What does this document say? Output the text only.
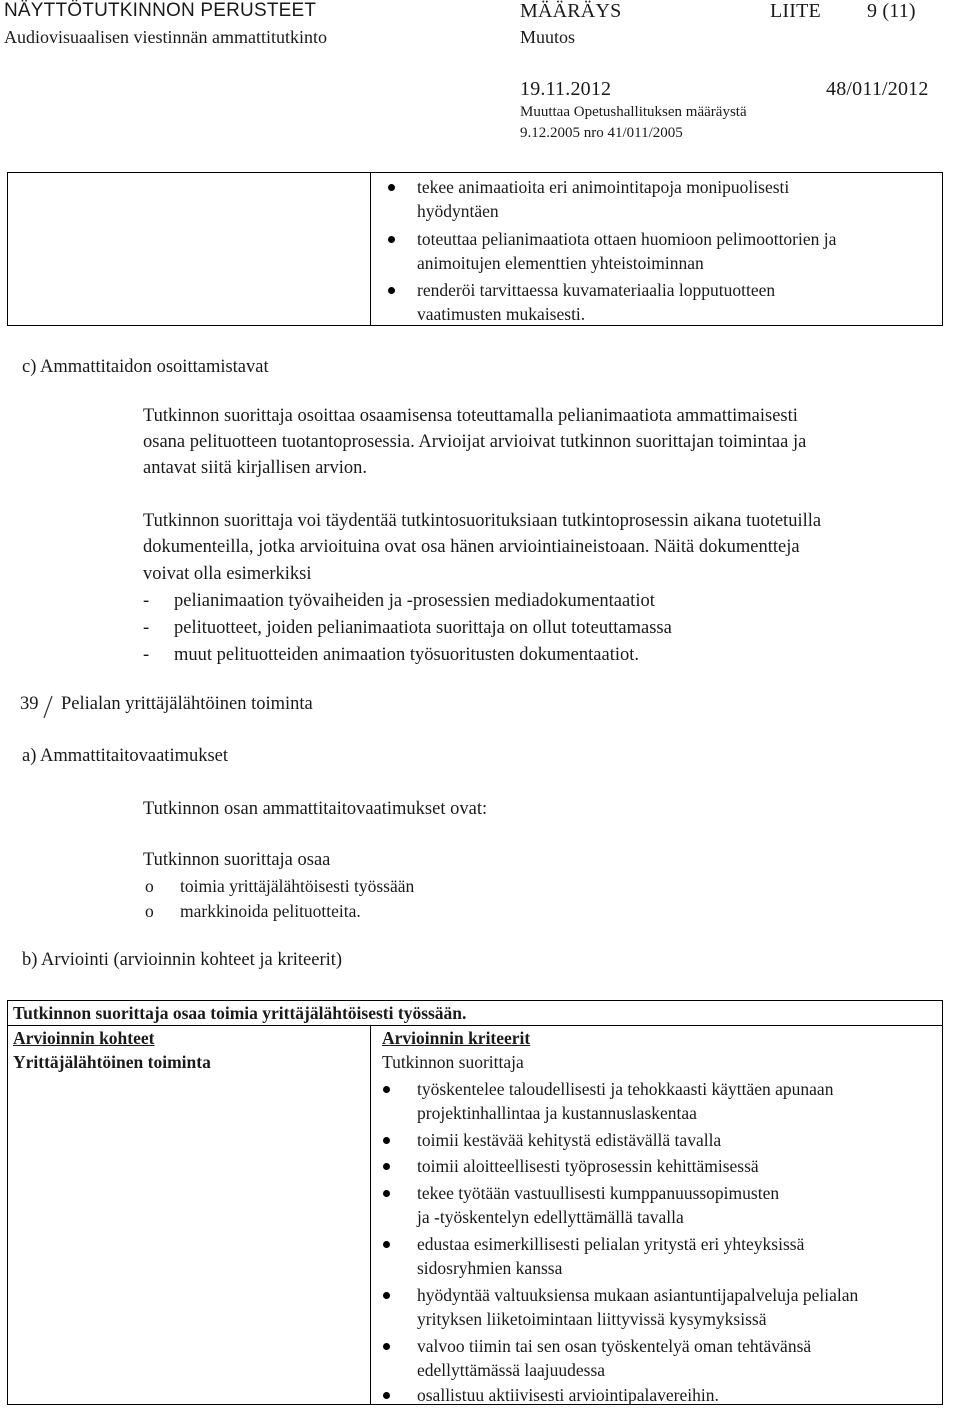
NÄYTTÖTUTKINNON PERUSTEET
Audiovisuaalisen viestinnän ammattitutkinto
MÄÄRÄYS
Muutos
LIITE 9 (11)
19.11.2012	48/011/2012
Muuttaa Opetushallituksen määräystä
9.12.2005 nro 41/011/2005
tekee animaatioita eri animointitapoja monipuolisesti
hyödyntäen
toteuttaa pelianimaatiota ottaen huomioon pelimoottorien ja
animoitujen elementtien yhteistoiminnan
renderöi tarvittaessa kuvamateriaalia lopputuotteen
vaatimusten mukaisesti.
c) Ammattitaidon osoittamistavat
Tutkinnon suorittaja osoittaa osaamisensa toteuttamalla pelianimaatiota ammattimaisesti
osana pelituotteen tuotantoprosessia. Arvioijat arvioivat tutkinnon suorittajan toimintaa ja
antavat siitä kirjallisen arvion.
Tutkinnon suorittaja voi täydentää tutkintosuorituksiaan tutkintoprosessin aikana tuotetuilla
dokumenteilla, jotka arvioituina ovat osa hänen arviointiaineistoaan. Näitä dokumentteja
voivat olla esimerkiksi
- pelianimaation työvaiheiden ja -prosessien mediadokumentaatiot
- pelituotteet, joiden pelianimaatiota suorittaja on ollut toteuttamassa
- muut pelituotteiden animaation työsuoritusten dokumentaatiot.
39 Pelialan yrittäjälähtöinen toiminta
a) Ammattitaitovaatimukset
Tutkinnon osan ammattitaitovaatimukset ovat:
Tutkinnon suorittaja osaa
o toimia yrittäjälähtöisesti työssään
o markkinoida pelituotteita.
b) Arviointi (arvioinnin kohteet ja kriteerit)
Tutkinnon suorittaja osaa toimia yrittäjälähtöisesti työssään.
Arvioinnin kohteet	Arvioinnin kriteerit
Yrittäjälähtöinen toiminta	Tutkinnon suorittaja
työskentelee taloudellisesti ja tehokkaasti käyttäen apunaan
projektinhallintaa ja kustannuslaskentaa
toimii kestävää kehitystä edistävällä tavalla
toimii aloitteellisesti työprosessin kehittämisessä
tekee työtään vastuullisesti kumppanuussopimusten
ja -työskentelyn edellyttämällä tavalla
edustaa esimerkillisesti pelialan yritystä eri yhteyksissä
sidosryhmien kanssa
hyödyntää valtuuksiensa mukaan asiantuntijapalveluja pelialan
yrityksen liiketoimintaan liittyvissä kysymyksissä
valvoo tiimin tai sen osan työskentelyä oman tehtävänsä
edellyttämässä laajuudessa
osallistuu aktiivisesti arviointipalavereihin.
